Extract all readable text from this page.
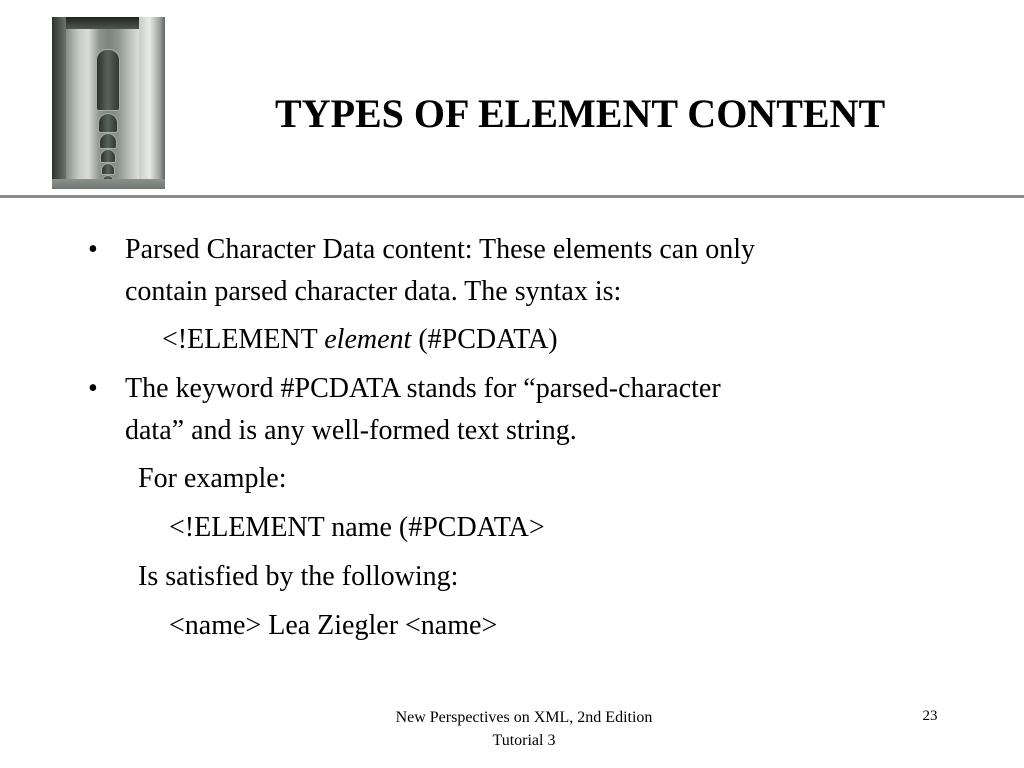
TYPES OF ELEMENT CONTENT
• Parsed Character Data content: These elements can only
contain parsed character data. The syntax is:
<!ELEMENT element (#PCDATA)
• The keyword #PCDATA stands for “parsed-character
data” and is any well-formed text string.
For example:
<!ELEMENT name (#PCDATA>
Is satisfied by the following:
<name> Lea Ziegler <name>
New Perspectives on XML, 2nd Edition
Tutorial 3
23
